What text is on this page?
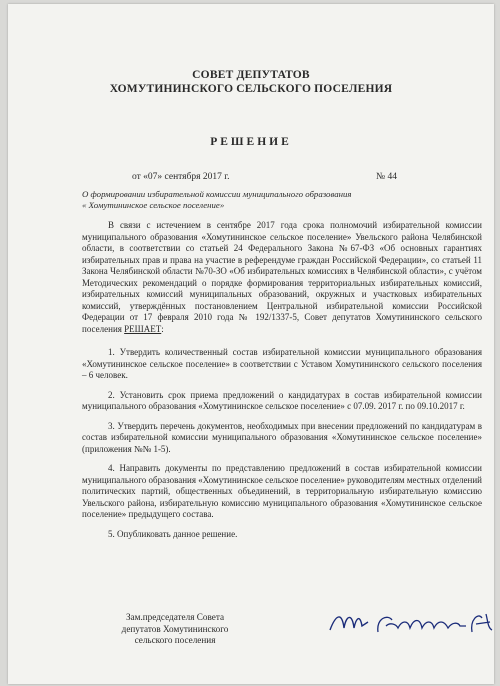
СОВЕТ ДЕПУТАТОВ
ХОМУТИНИНСКОГО СЕЛЬСКОГО ПОСЕЛЕНИЯ
РЕШЕНИЕ
от «07» сентября 2017 г.	№ 44
О формировании избирательной комиссии муниципального образования
« Хомутининское сельское поселение»

В связи с истечением в сентябре 2017 года срока полномочий избирательной комиссии муниципального образования «Хомутининское сельское поселение» Увельского района Челябинской области, в соответствии со статьей 24 Федерального Закона №67-ФЗ «Об основных гарантиях избирательных прав и права на участие в референдуме граждан Российской Федерации», со статьей 11 Закона Челябинской области №70-ЗО «Об избирательных комиссиях в Челябинской области», с учётом Методических рекомендаций о порядке формирования территориальных избирательных комиссий, избирательных комиссий муниципальных образований, окружных и участковых избирательных комиссий, утверждённых постановлением Центральной избирательной комиссии Российской Федерации от 17 февраля 2010 года № 192/1337-5, Совет депутатов Хомутининского сельского поселения РЕШАЕТ:

1. Утвердить количественный состав избирательной комиссии муниципального образования «Хомутининское сельское поселение» в соответствии с Уставом Хомутининского сельского поселения – 6 человек.

2. Установить срок приема предложений о кандидатурах в состав избирательной комиссии муниципального образования «Хомутининское сельское поселение» с 07.09. 2017 г. по 09.10.2017 г.

3. Утвердить перечень документов, необходимых при внесении предложений по кандидатурам в состав избирательной комиссии муниципального образования «Хомутининское сельское поселение» (приложения №№ 1-5).

4. Направить документы по представлению предложений в состав избирательной комиссии муниципального образования «Хомутининское сельское поселение» руководителям местных отделений политических партий, общественных объединений, в территориальную избирательную комиссию Увельского района, избирательную комиссию муниципального образования «Хомутининское сельское поселение» предыдущего состава.

5. Опубликовать данное решение.

Зам.председателя Совета
депутатов Хомутининского
сельского поселения
